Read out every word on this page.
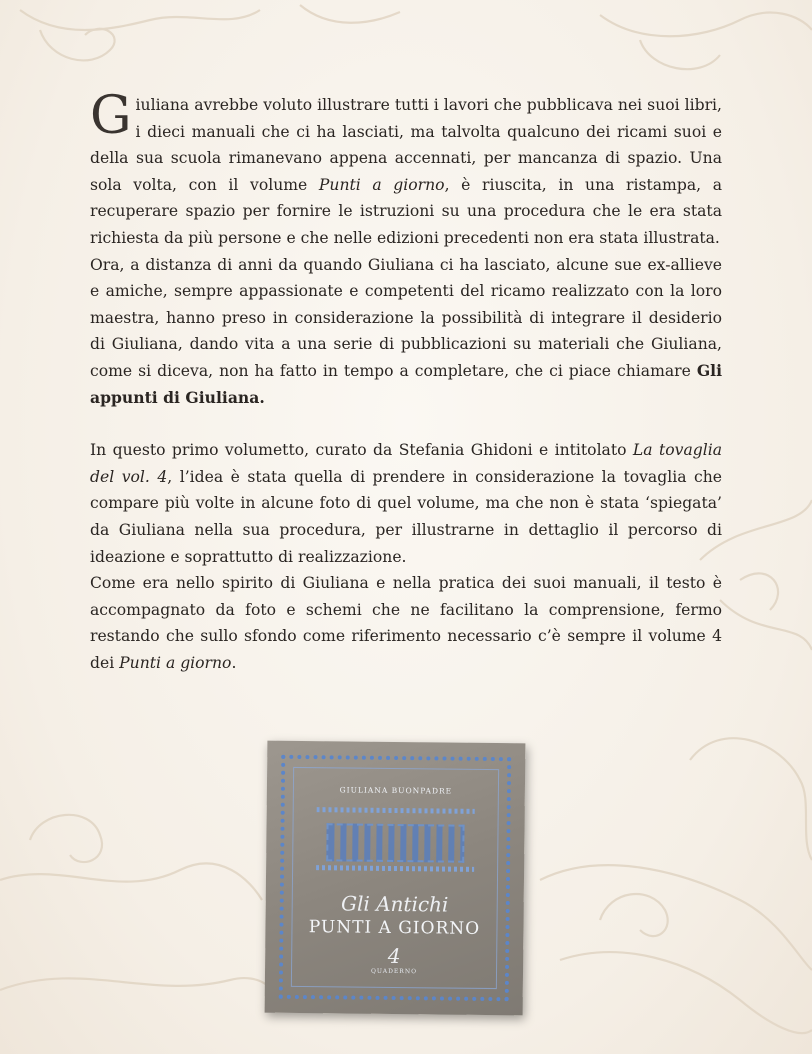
Giuliana avrebbe voluto illustrare tutti i lavori che pubblicava nei suoi libri, i dieci manuali che ci ha lasciati, ma talvolta qualcuno dei ricami suoi e della sua scuola rimanevano appena accennati, per mancanza di spazio. Una sola volta, con il volume Punti a giorno, è riuscita, in una ristampa, a recuperare spazio per fornire le istruzioni su una procedura che le era stata richiesta da più persone e che nelle edizioni precedenti non era stata illustrata.

Ora, a distanza di anni da quando Giuliana ci ha lasciato, alcune sue ex-allieve e amiche, sempre appassionate e competenti del ricamo realizzato con la loro maestra, hanno preso in considerazione la possibilità di integrare il desiderio di Giuliana, dando vita a una serie di pubblicazioni su materiali che Giuliana, come si diceva, non ha fatto in tempo a completare, che ci piace chiamare Gli appunti di Giuliana.

In questo primo volumetto, curato da Stefania Ghidoni e intitolato La tovaglia del vol. 4, l’idea è stata quella di prendere in considerazione la tovaglia che compare più volte in alcune foto di quel volume, ma che non è stata ‘spiegata’ da Giuliana nella sua procedura, per illustrarne in dettaglio il percorso di ideazione e soprattutto di realizzazione.

Come era nello spirito di Giuliana e nella pratica dei suoi manuali, il testo è accompagnato da foto e schemi che ne facilitano la comprensione, fermo restando che sullo sfondo come riferimento necessario c’è sempre il volume 4 dei Punti a giorno.

GIULIANA BUONPADRE
Gli Antichi
PUNTI A GIORNO
4
QUADERNO
